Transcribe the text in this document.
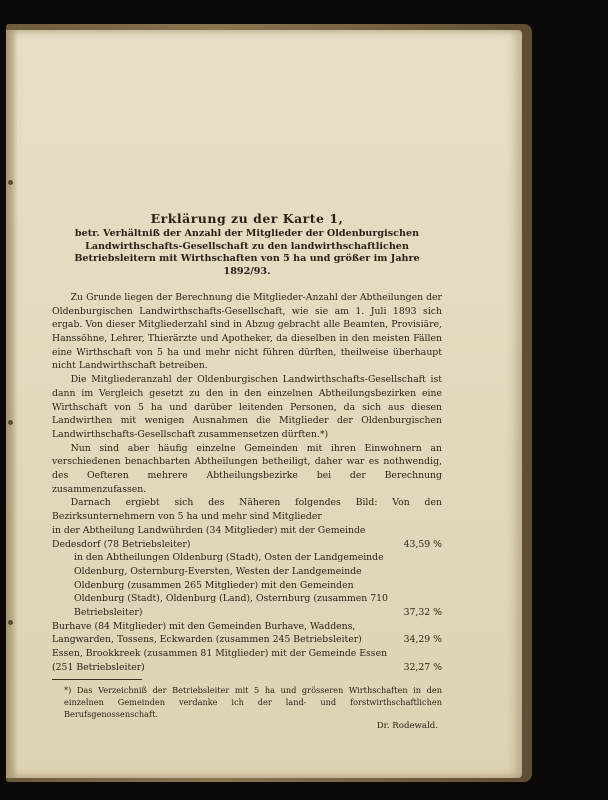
Erklärung zu der Karte 1,
betr. Verhältniß der Anzahl der Mitglieder der Oldenburgischen Landwirthschafts-Gesellschaft zu den landwirthschaftlichen Betriebsleitern mit Wirthschaften von 5 ha und größer im Jahre 1892/93.

Zu Grunde liegen der Berechnung die Mitglieder-Anzahl der Abtheilungen der Oldenburgischen Landwirthschafts-Gesellschaft, wie sie am 1. Juli 1893 sich ergab. Von dieser Mitgliederzahl sind in Abzug gebracht alle Beamten, Provisiäre, Hanssöhne, Lehrer, Thierärzte und Apotheker, da dieselben in den meisten Fällen eine Wirthschaft von 5 ha und mehr nicht führen dürften, theilweise überhaupt nicht Landwirthschaft betreiben.

Die Mitgliederanzahl der Oldenburgischen Landwirthschafts-Gesellschaft ist dann im Vergleich gesetzt zu den in den einzelnen Abtheilungsbezirken eine Wirthschaft von 5 ha und darüber leitenden Personen, da sich aus diesen Landwirthen mit wenigen Ausnahmen die Mitglieder der Oldenburgischen Landwirthschafts-Gesellschaft zusammensetzen dürften.*)

Nun sind aber häufig einzelne Gemeinden mit ihren Einwohnern an verschiedenen benachbarten Abtheilungen betheiligt, daher war es nothwendig, des Oefteren mehrere Abtheilungsbezirke bei der Berechnung zusammenzufassen.

Darnach ergiebt sich des Näheren folgendes Bild: Von den Bezirksunternehmern von 5 ha und mehr sind Mitglieder

in der Abtheilung Landwührden (34 Mitglieder) mit der Gemeinde Dedesdorf (78 Betriebsleiter)	43,59 %
in den Abtheilungen Oldenburg (Stadt), Osten der Landgemeinde Oldenburg, Osternburg-Eversten, Westen der Landgemeinde Oldenburg (zusammen 265 Mitglieder) mit den Gemeinden Oldenburg (Stadt), Oldenburg (Land), Osternburg (zusammen 710 Betriebsleiter)	37,32 %
Burhave (84 Mitglieder) mit den Gemeinden Burhave, Waddens, Langwarden, Tossens, Eckwarden (zusammen 245 Betriebsleiter)	34,29 %
Essen, Brookkreek (zusammen 81 Mitglieder) mit der Gemeinde Essen (251 Betriebsleiter)	32,27 %
*) Das Verzeichniß der Betriebsleiter mit 5 ha und grösseren Wirthschaften in den einzelnen Gemeinden verdanke ich der land- und forstwirthschaftlichen Berufsgenossenschaft.
Dr. Rodewald.
